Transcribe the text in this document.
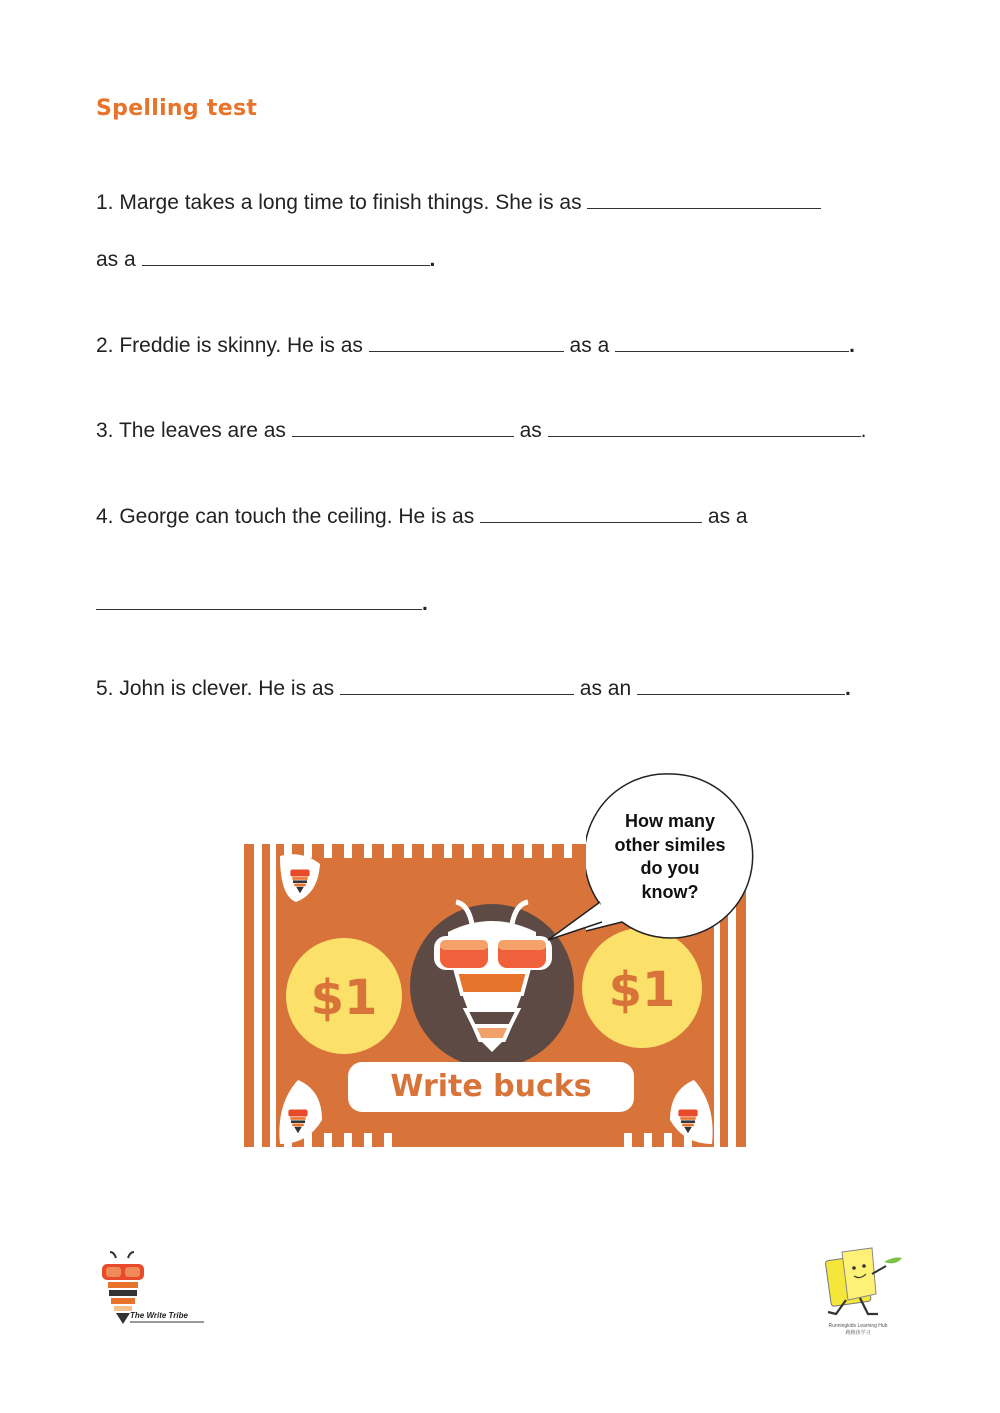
Spelling test
1. Marge takes a long time to finish things. She is as
as a	.
2. Freddie is skinny. He is as	as a	.
3. The leaves are as	as	.
4. George can touch the ceiling. He is as	as a
.
5. John is clever. He is as	as an	.
$1	$1
Write bucks
How many
other similes
do you
know?
The Write Tribe
Runningkids Learning Hub
跑跑孩学习
